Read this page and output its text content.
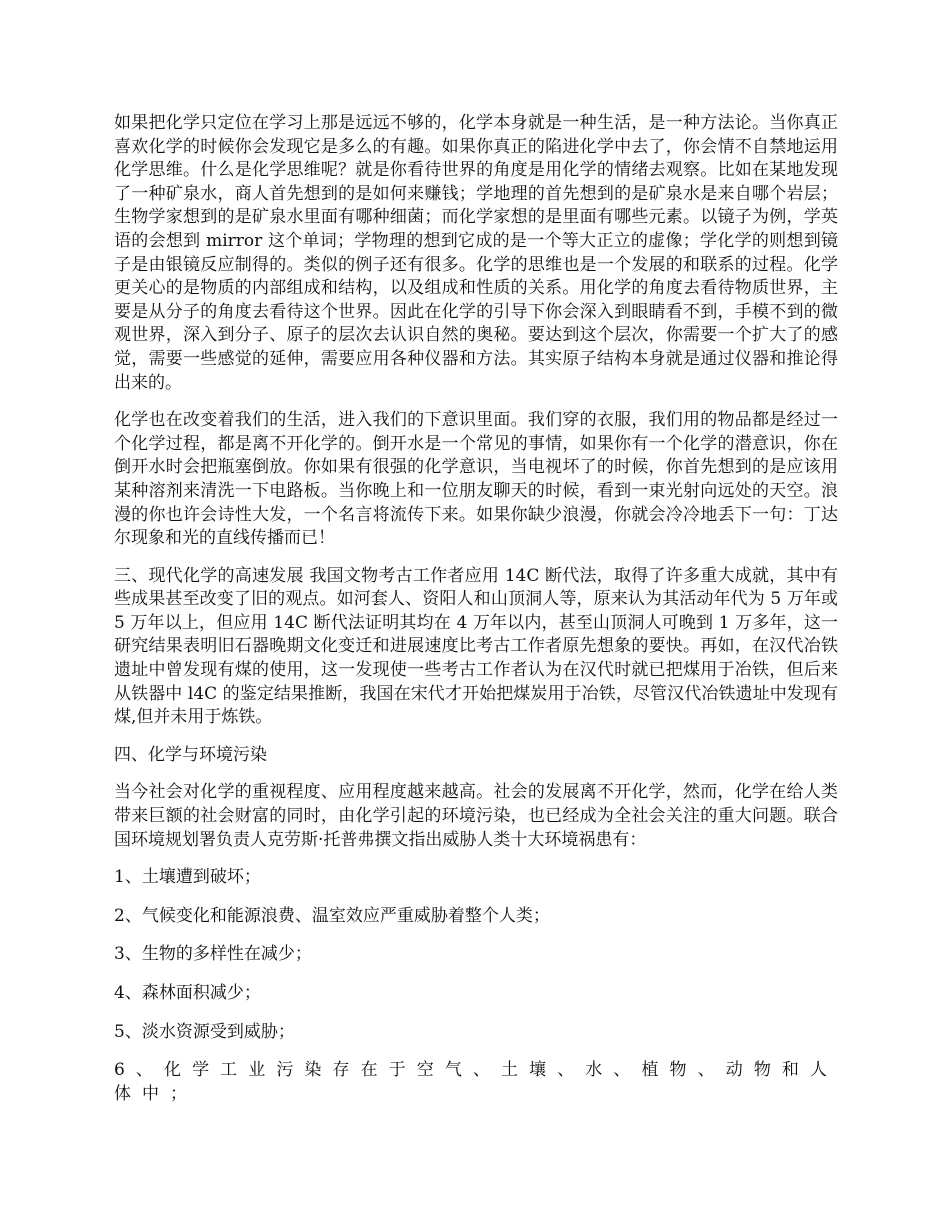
如果把化学只定位在学习上那是远远不够的，化学本身就是一种生活，是一种方法论。当你真正喜欢化学的时候你会发现它是多么的有趣。如果你真正的陷进化学中去了，你会情不自禁地运用化学思维。什么是化学思维呢？就是你看待世界的角度是用化学的情绪去观察。比如在某地发现了一种矿泉水，商人首先想到的是如何来赚钱；学地理的首先想到的是矿泉水是来自哪个岩层；生物学家想到的是矿泉水里面有哪种细菌；而化学家想的是里面有哪些元素。以镜子为例，学英语的会想到 mirror 这个单词；学物理的想到它成的是一个等大正立的虚像；学化学的则想到镜子是由银镜反应制得的。类似的例子还有很多。化学的思维也是一个发展的和联系的过程。化学更关心的是物质的内部组成和结构，以及组成和性质的关系。用化学的角度去看待物质世界，主要是从分子的角度去看待这个世界。因此在化学的引导下你会深入到眼睛看不到，手模不到的微观世界，深入到分子、原子的层次去认识自然的奥秘。要达到这个层次，你需要一个扩大了的感觉，需要一些感觉的延伸，需要应用各种仪器和方法。其实原子结构本身就是通过仪器和推论得出来的。

化学也在改变着我们的生活，进入我们的下意识里面。我们穿的衣服，我们用的物品都是经过一个化学过程，都是离不开化学的。倒开水是一个常见的事情，如果你有一个化学的潜意识，你在倒开水时会把瓶塞倒放。你如果有很强的化学意识，当电视坏了的时候，你首先想到的是应该用某种溶剂来清洗一下电路板。当你晚上和一位朋友聊天的时候，看到一束光射向远处的天空。浪漫的你也许会诗性大发，一个名言将流传下来。如果你缺少浪漫，你就会冷冷地丢下一句：丁达尔现象和光的直线传播而已！

三、现代化学的高速发展 我国文物考古工作者应用 14C 断代法，取得了许多重大成就，其中有些成果甚至改变了旧的观点。如河套人、资阳人和山顶洞人等，原来认为其活动年代为 5 万年或 5 万年以上，但应用 14C 断代法证明其均在 4 万年以内，甚至山顶洞人可晚到 1 万多年，这一研究结果表明旧石器晚期文化变迁和进展速度比考古工作者原先想象的要快。再如，在汉代冶铁遗址中曾发现有煤的使用，这一发现使一些考古工作者认为在汉代时就已把煤用于冶铁，但后来从铁器中 l4C 的鉴定结果推断，我国在宋代才开始把煤炭用于冶铁，尽管汉代冶铁遗址中发现有煤,但并未用于炼铁。

四、化学与环境污染

当今社会对化学的重视程度、应用程度越来越高。社会的发展离不开化学，然而，化学在给人类带来巨额的社会财富的同时，由化学引起的环境污染，也已经成为全社会关注的重大问题。联合国环境规划署负责人克劳斯·托普弗撰文指出威胁人类十大环境祸患有：

1、土壤遭到破坏；

2、气候变化和能源浪费、温室效应严重威胁着整个人类；

3、生物的多样性在减少；

4、森林面积减少；

5、淡水资源受到威胁；

6、化学工业污染存在于空气、土壤、水、植物、动物和人体中；
